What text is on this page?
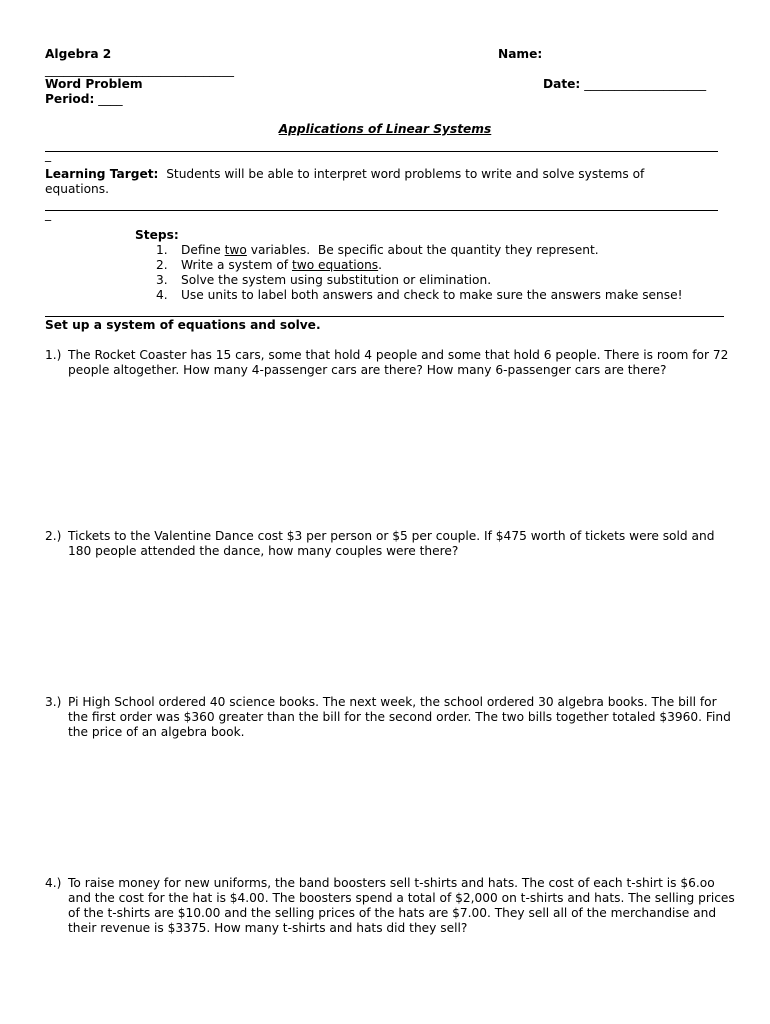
Algebra 2	Name:
_______________________________
Word Problem	Date: ____________________
Period: ____
Applications of Linear Systems
_
Learning Target: Students will be able to interpret word problems to write and solve systems of
equations.
_
Steps:
1. Define two variables.  Be specific about the quantity they represent.
2. Write a system of two equations.
3. Solve the system using substitution or elimination.
4. Use units to label both answers and check to make sure the answers make sense!
Set up a system of equations and solve.
1.) The Rocket Coaster has 15 cars, some that hold 4 people and some that hold 6 people. There is room for 72 people altogether. How many 4-passenger cars are there? How many 6-passenger cars are there?
2.) Tickets to the Valentine Dance cost $3 per person or $5 per couple. If $475 worth of tickets were sold and 180 people attended the dance, how many couples were there?
3.) Pi High School ordered 40 science books. The next week, the school ordered 30 algebra books. The bill for the first order was $360 greater than the bill for the second order. The two bills together totaled $3960. Find the price of an algebra book.
4.) To raise money for new uniforms, the band boosters sell t-shirts and hats. The cost of each t-shirt is $6.oo and the cost for the hat is $4.00. The boosters spend a total of $2,000 on t-shirts and hats. The selling prices of the t-shirts are $10.00 and the selling prices of the hats are $7.00. They sell all of the merchandise and their revenue is $3375. How many t-shirts and hats did they sell?
